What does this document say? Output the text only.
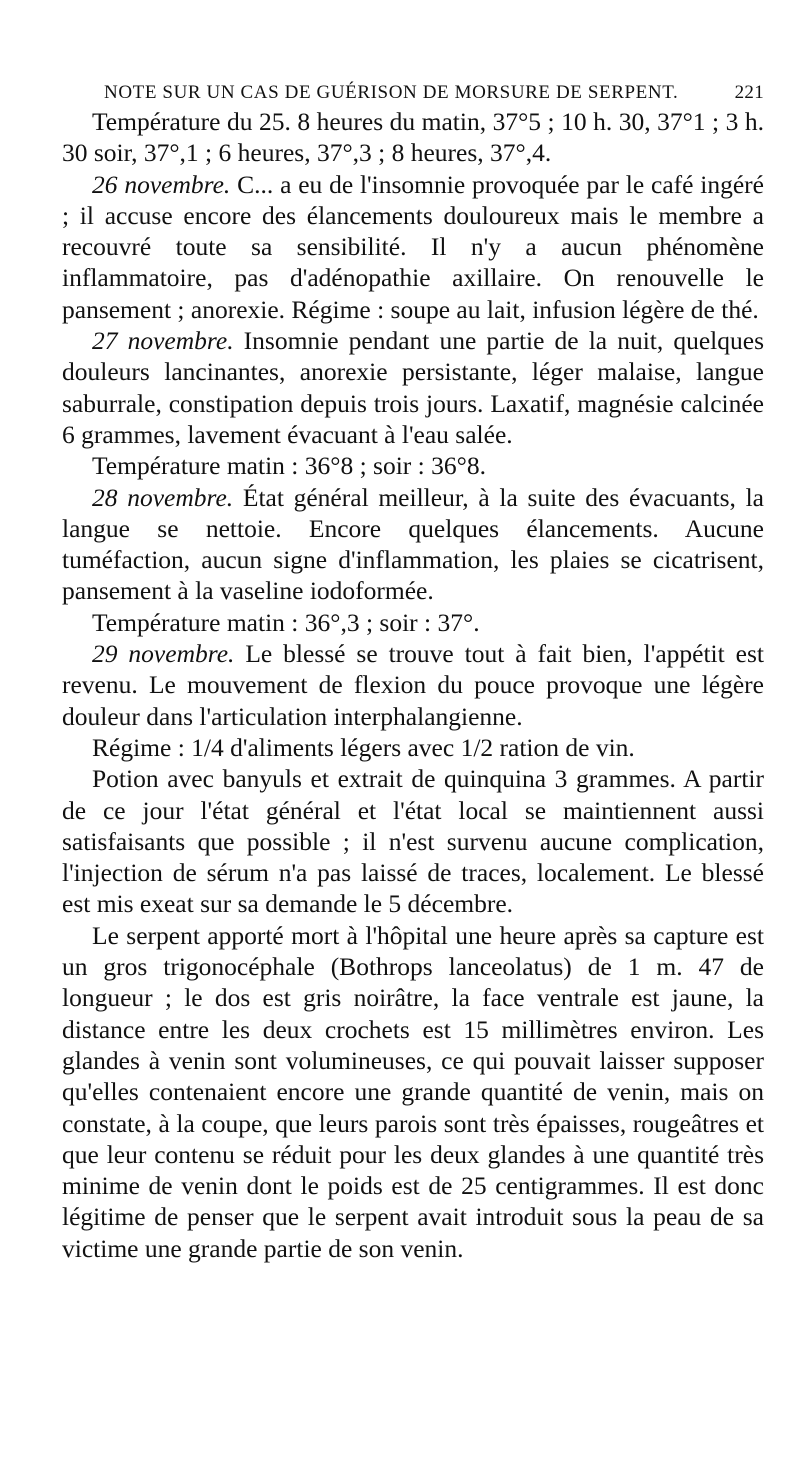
NOTE SUR UN CAS DE GUÉRISON DE MORSURE DE SERPENT.	221

Température du 25. 8 heures du matin, 37°5 ; 10 h. 30, 37°1 ; 3 h. 30 soir, 37°,1 ; 6 heures, 37°,3 ; 8 heures, 37°,4.

26 novembre. C... a eu de l'insomnie provoquée par le café ingéré ; il accuse encore des élancements douloureux mais le membre a recouvré toute sa sensibilité. Il n'y a aucun phénomène inflammatoire, pas d'adénopathie axillaire. On renouvelle le pansement ; anorexie. Régime : soupe au lait, infusion légère de thé.

27 novembre. Insomnie pendant une partie de la nuit, quelques douleurs lancinantes, anorexie persistante, léger malaise, langue saburrale, constipation depuis trois jours. Laxatif, magnésie calcinée 6 grammes, lavement évacuant à l'eau salée.

Température matin : 36°8 ; soir : 36°8.

28 novembre. État général meilleur, à la suite des évacuants, la langue se nettoie. Encore quelques élancements. Aucune tuméfaction, aucun signe d'inflammation, les plaies se cicatrisent, pansement à la vaseline iodoformée.

Température matin : 36°,3 ; soir : 37°.

29 novembre. Le blessé se trouve tout à fait bien, l'appétit est revenu. Le mouvement de flexion du pouce provoque une légère douleur dans l'articulation interphalangienne.

Régime : 1/4 d'aliments légers avec 1/2 ration de vin.

Potion avec banyuls et extrait de quinquina 3 grammes. A partir de ce jour l'état général et l'état local se maintiennent aussi satisfaisants que possible ; il n'est survenu aucune complication, l'injection de sérum n'a pas laissé de traces, localement. Le blessé est mis exeat sur sa demande le 5 décembre.

Le serpent apporté mort à l'hôpital une heure après sa capture est un gros trigonocéphale (Bothrops lanceolatus) de 1 m. 47 de longueur ; le dos est gris noirâtre, la face ventrale est jaune, la distance entre les deux crochets est 15 millimètres environ. Les glandes à venin sont volumineuses, ce qui pouvait laisser supposer qu'elles contenaient encore une grande quantité de venin, mais on constate, à la coupe, que leurs parois sont très épaisses, rougeâtres et que leur contenu se réduit pour les deux glandes à une quantité très minime de venin dont le poids est de 25 centigrammes. Il est donc légitime de penser que le serpent avait introduit sous la peau de sa victime une grande partie de son venin.
